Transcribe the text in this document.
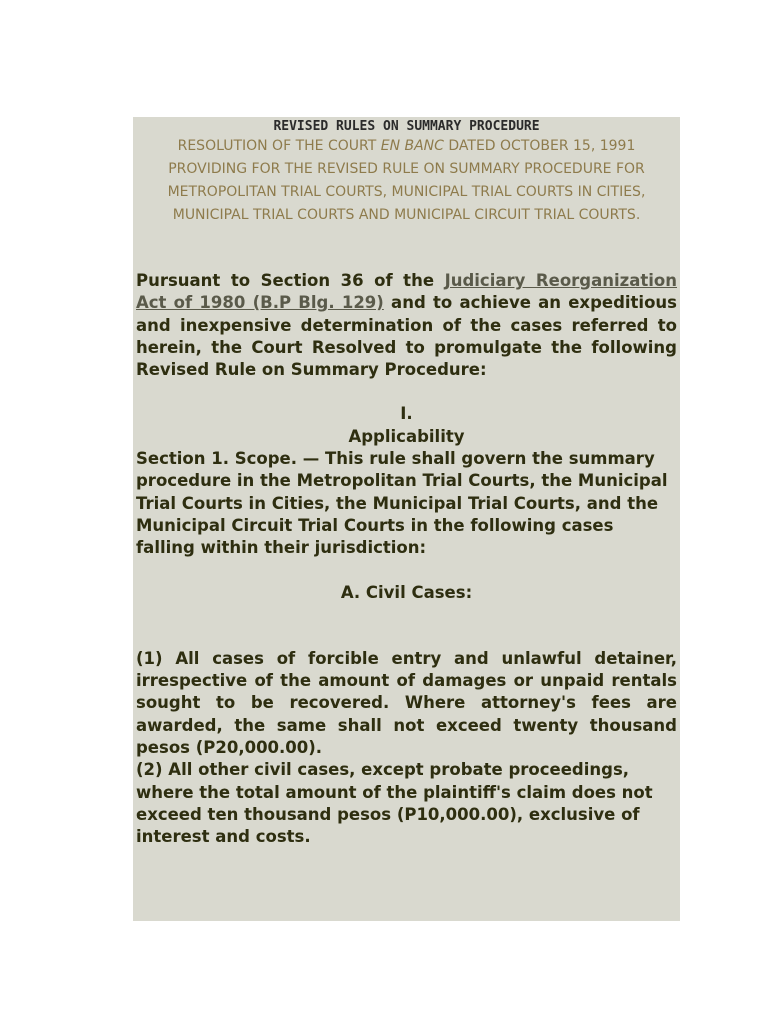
REVISED RULES ON SUMMARY PROCEDURE
RESOLUTION OF THE COURT EN BANC DATED OCTOBER 15, 1991 PROVIDING FOR THE REVISED RULE ON SUMMARY PROCEDURE FOR METROPOLITAN TRIAL COURTS, MUNICIPAL TRIAL COURTS IN CITIES, MUNICIPAL TRIAL COURTS AND MUNICIPAL CIRCUIT TRIAL COURTS.
Pursuant to Section 36 of the Judiciary Reorganization Act of 1980 (B.P Blg. 129) and to achieve an expeditious and inexpensive determination of the cases referred to herein, the Court Resolved to promulgate the following Revised Rule on Summary Procedure:
I.
Applicability
Section 1. Scope. — This rule shall govern the summary procedure in the Metropolitan Trial Courts, the Municipal Trial Courts in Cities, the Municipal Trial Courts, and the Municipal Circuit Trial Courts in the following cases falling within their jurisdiction:
A. Civil Cases:
(1) All cases of forcible entry and unlawful detainer, irrespective of the amount of damages or unpaid rentals sought to be recovered. Where attorney's fees are awarded, the same shall not exceed twenty thousand pesos (P20,000.00).
(2) All other civil cases, except probate proceedings, where the total amount of the plaintiff's claim does not exceed ten thousand pesos (P10,000.00), exclusive of interest and costs.
